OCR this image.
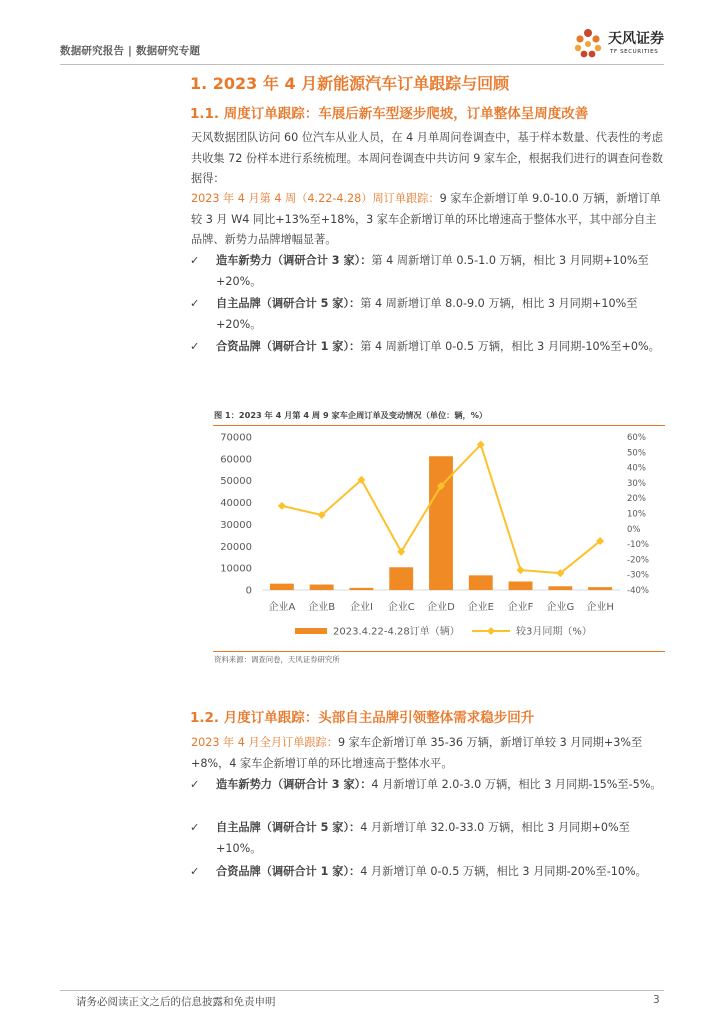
数据研究报告 | 数据研究专题
天风证券
TF SECURITIES
1. 2023 年 4 月新能源汽车订单跟踪与回顾
1.1. 周度订单跟踪：车展后新车型逐步爬坡，订单整体呈周度改善
天风数据团队访问 60 位汽车从业人员，在 4 月单周问卷调查中，基于样本数量、代表性的考虑共收集 72 份样本进行系统梳理。本周问卷调查中共访问 9 家车企，根据我们进行的调查问卷数据得：
2023 年 4 月第 4 周（4.22-4.28）周订单跟踪：9 家车企新增订单 9.0-10.0 万辆，新增订单较 3 月 W4 同比+13%至+18%，3 家车企新增订单的环比增速高于整体水平，其中部分自主品牌、新势力品牌增幅显著。
✓ 造车新势力（调研合计 3 家）：第 4 周新增订单 0.5-1.0 万辆，相比 3 月同期+10%至+20%。
✓ 自主品牌（调研合计 5 家）：第 4 周新增订单 8.0-9.0 万辆，相比 3 月同期+10%至+20%。
✓ 合资品牌（调研合计 1 家）：第 4 周新增订单 0-0.5 万辆，相比 3 月同期-10%至+0%。
图 1：2023 年 4 月第 4 周 9 家车企周订单及变动情况（单位：辆，%）
0
10000
20000
30000
40000
50000
60000
70000	60%
50%
40%
30%
20%
10%
0%
-10%
-20%
-30%
-40%
企业A 企业B 企业I 企业C 企业D 企业E 企业F 企业G 企业H
2023.4.22-4.28订单（辆）	较3月同期（%）
资料来源：调查问卷，天风证券研究所
1.2. 月度订单跟踪：头部自主品牌引领整体需求稳步回升
2023 年 4 月全月订单跟踪：9 家车企新增订单 35-36 万辆，新增订单较 3 月同期+3%至+8%，4 家车企新增订单的环比增速高于整体水平。
✓ 造车新势力（调研合计 3 家）：4 月新增订单 2.0-3.0 万辆，相比 3 月同期-15%至-5%。
✓ 自主品牌（调研合计 5 家）：4 月新增订单 32.0-33.0 万辆，相比 3 月同期+0%至+10%。
✓ 合资品牌（调研合计 1 家）：4 月新增订单 0-0.5 万辆，相比 3 月同期-20%至-10%。
请务必阅读正文之后的信息披露和免责申明	3
